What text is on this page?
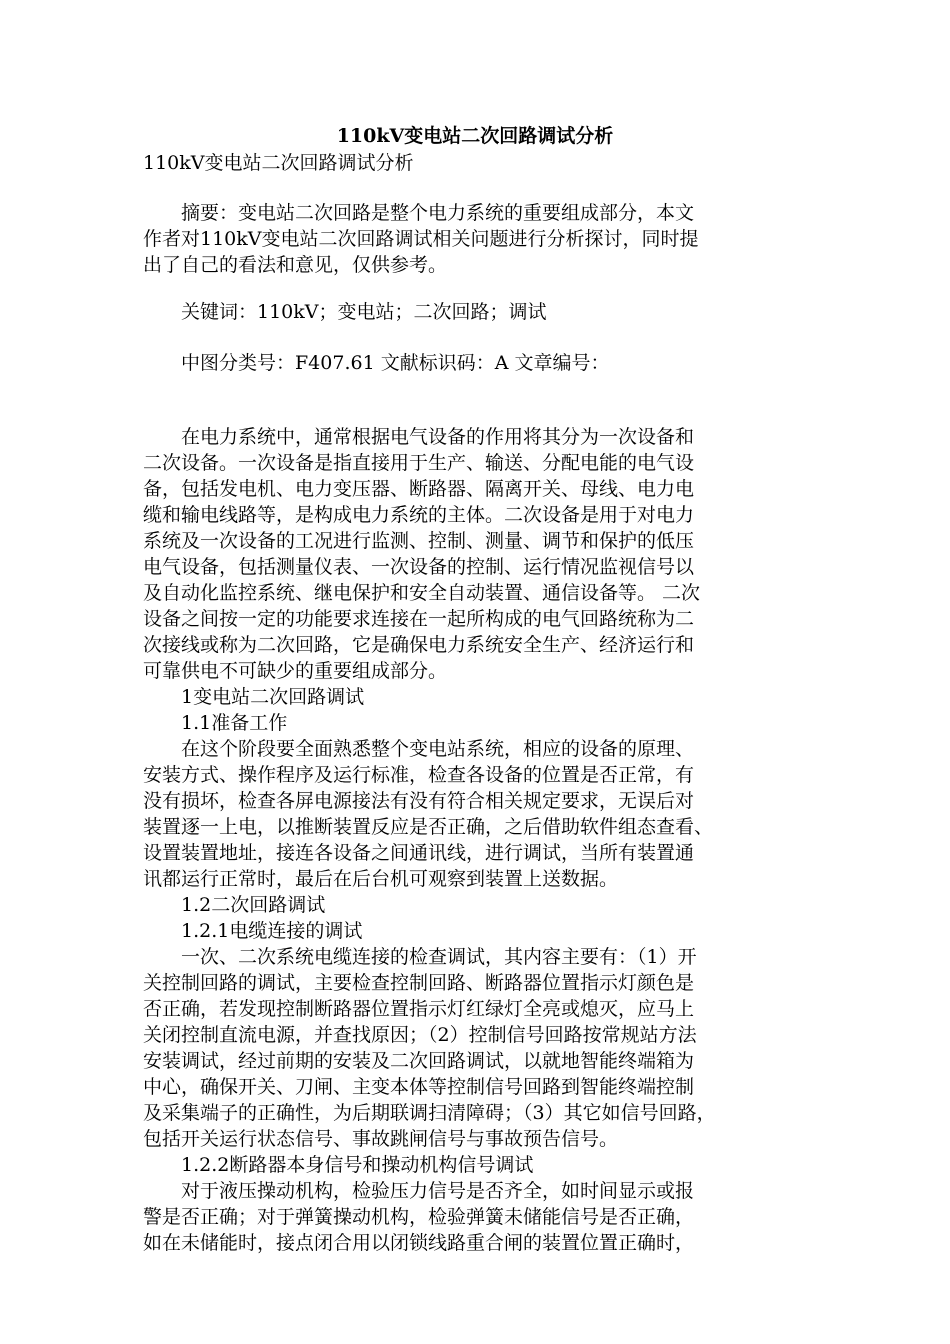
110kV变电站二次回路调试分析
110kV变电站二次回路调试分析
　　摘要：变电站二次回路是整个电力系统的重要组成部分，本文
作者对110kV变电站二次回路调试相关问题进行分析探讨，同时提
出了自己的看法和意见，仅供参考。
　　关键词：110kV；变电站；二次回路；调试
　　中图分类号：F407.61 文献标识码：A 文章编号：
　　在电力系统中，通常根据电气设备的作用将其分为一次设备和
二次设备。一次设备是指直接用于生产、输送、分配电能的电气设
备，包括发电机、电力变压器、断路器、隔离开关、母线、电力电
缆和输电线路等，是构成电力系统的主体。二次设备是用于对电力
系统及一次设备的工况进行监测、控制、测量、调节和保护的低压
电气设备，包括测量仪表、一次设备的控制、运行情况监视信号以
及自动化监控系统、继电保护和安全自动装置、通信设备等。 二次
设备之间按一定的功能要求连接在一起所构成的电气回路统称为二
次接线或称为二次回路，它是确保电力系统安全生产、经济运行和
可靠供电不可缺少的重要组成部分。
　　1变电站二次回路调试
　　1.1准备工作
　　在这个阶段要全面熟悉整个变电站系统，相应的设备的原理、
安装方式、操作程序及运行标准，检查各设备的位置是否正常，有
没有损坏，检查各屏电源接法有没有符合相关规定要求，无误后对
装置逐一上电，以推断装置反应是否正确，之后借助软件组态查看、
设置装置地址，接连各设备之间通讯线，进行调试，当所有装置通
讯都运行正常时，最后在后台机可观察到装置上送数据。
　　1.2二次回路调试
　　1.2.1电缆连接的调试
　　一次、二次系统电缆连接的检查调试，其内容主要有：（1）开
关控制回路的调试，主要检查控制回路、断路器位置指示灯颜色是
否正确，若发现控制断路器位置指示灯红绿灯全亮或熄灭，应马上
关闭控制直流电源，并查找原因；（2）控制信号回路按常规站方法
安装调试，经过前期的安装及二次回路调试，以就地智能终端箱为
中心，确保开关、刀闸、主变本体等控制信号回路到智能终端控制
及采集端子的正确性，为后期联调扫清障碍；（3）其它如信号回路，
包括开关运行状态信号、事故跳闸信号与事故预告信号。
　　1.2.2断路器本身信号和操动机构信号调试
　　对于液压操动机构，检验压力信号是否齐全，如时间显示或报
警是否正确；对于弹簧操动机构，检验弹簧未储能信号是否正确，
如在未储能时，接点闭合用以闭锁线路重合闸的装置位置正确时，
